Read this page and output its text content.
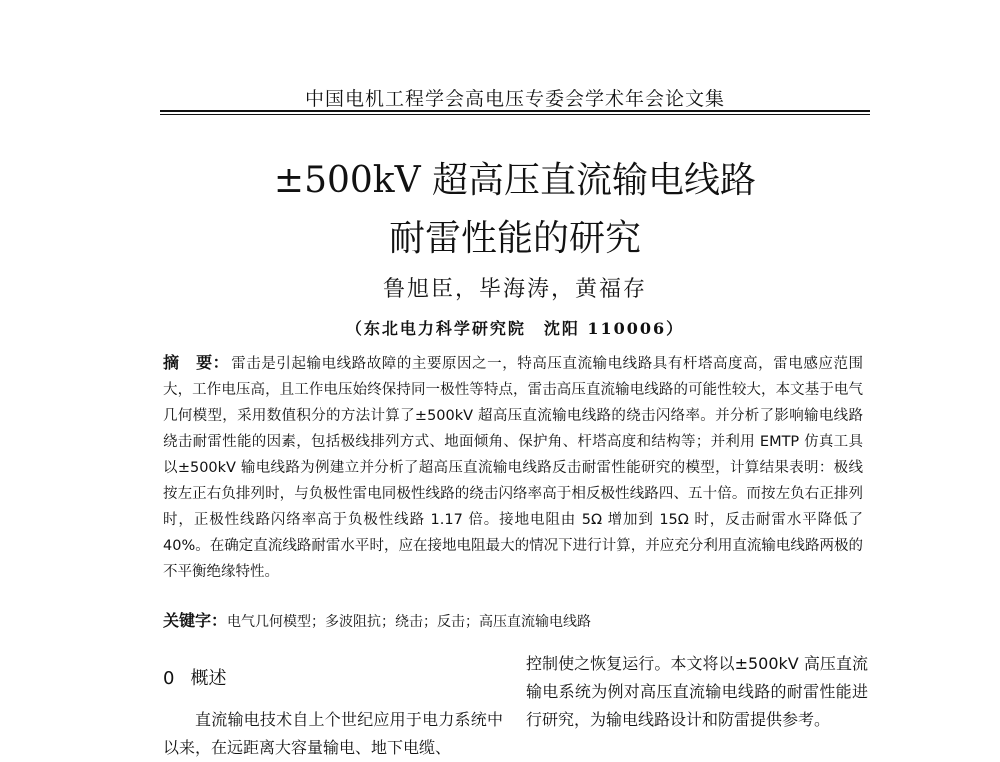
中国电机工程学会高电压专委会学术年会论文集
±500kV 超高压直流输电线路
耐雷性能的研究
鲁旭臣，毕海涛，黄福存
（东北电力科学研究院　沈阳 110006）
摘　要： 雷击是引起输电线路故障的主要原因之一，特高压直流输电线路具有杆塔高度高，雷电感应范围大，工作电压高，且工作电压始终保持同一极性等特点，雷击高压直流输电线路的可能性较大，本文基于电气几何模型，采用数值积分的方法计算了±500kV 超高压直流输电线路的绕击闪络率。并分析了影响输电线路绕击耐雷性能的因素，包括极线排列方式、地面倾角、保护角、杆塔高度和结构等；并利用 EMTP 仿真工具以±500kV 输电线路为例建立并分析了超高压直流输电线路反击耐雷性能研究的模型，计算结果表明：极线按左正右负排列时，与负极性雷电同极性线路的绕击闪络率高于相反极性线路四、五十倍。而按左负右正排列时，正极性线路闪络率高于负极性线路 1.17 倍。接地电阻由 5Ω 增加到 15Ω 时，反击耐雷水平降低了 40%。在确定直流线路耐雷水平时，应在接地电阻最大的情况下进行计算，并应充分利用直流输电线路两极的不平衡绝缘特性。
关键字：电气几何模型；多波阻抗；绕击；反击；高压直流输电线路
0 概述

直流输电技术自上个世纪应用于电力系统中以来，在远距离大容量输电、地下电缆、

控制使之恢复运行。本文将以±500kV 高压直流输电系统为例对高压直流输电线路的耐雷性能进行研究，为输电线路设计和防雷提供参考。
